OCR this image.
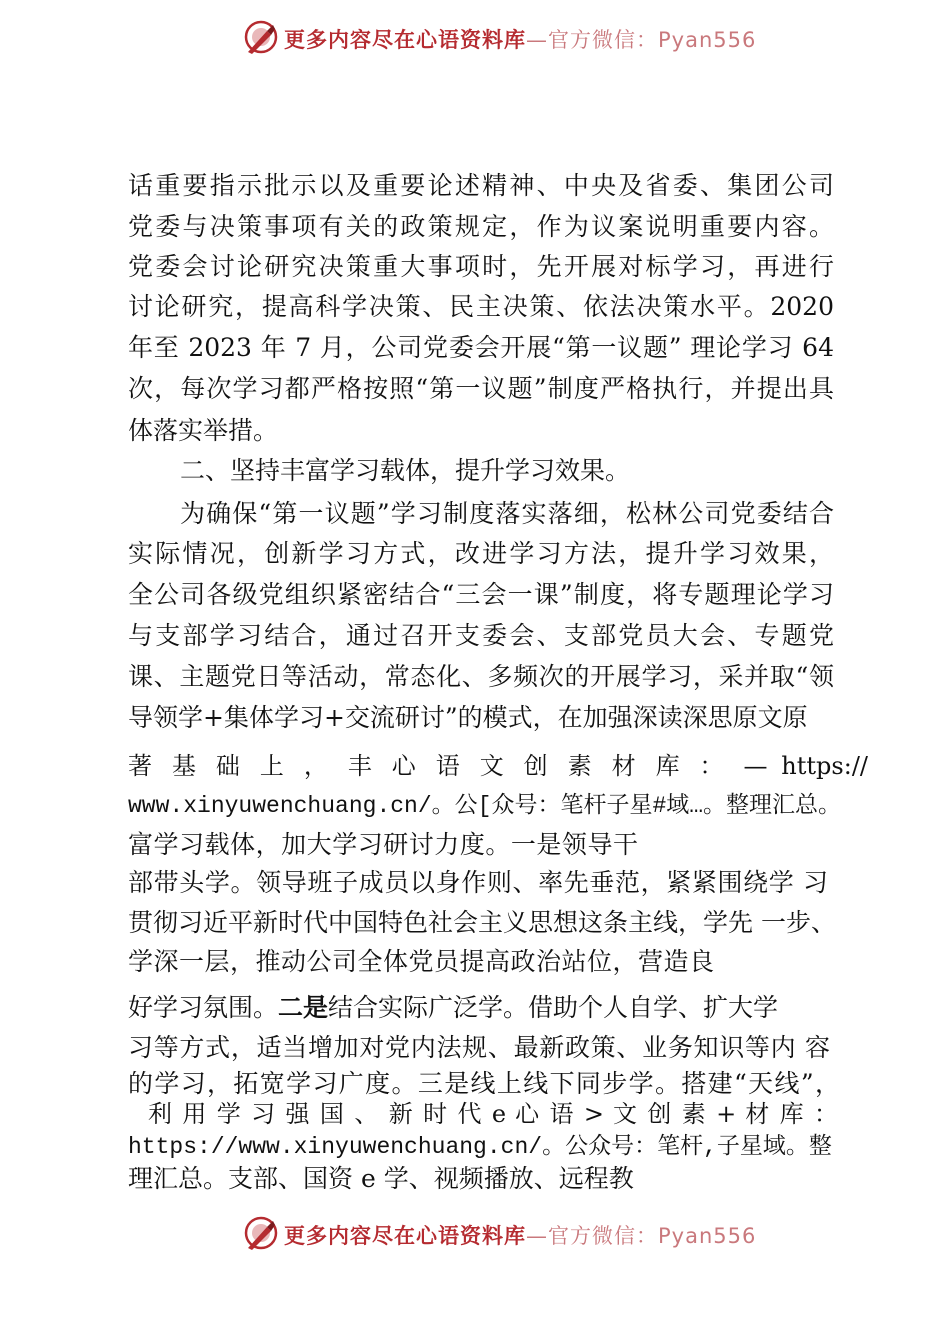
更多内容尽在心语资料库—官方微信：Pyan556
话重要指示批示以及重要论述精神、中央及省委、集团公司
党委与决策事项有关的政策规定，作为议案说明重要内容。
党委会讨论研究决策重大事项时，先开展对标学习，再进行
讨论研究，提高科学决策、民主决策、依法决策水平。2020
年至 2023 年 7 月，公司党委会开展“第一议题” 理论学习 64
次，每次学习都严格按照“第一议题”制度严格执行，并提出具
体落实举措。
二、坚持丰富学习载体，提升学习效果。
为确保“第一议题”学习制度落实落细，松林公司党委结合
实际情况，创新学习方式，改进学习方法，提升学习效果，
全公司各级党组织紧密结合“三会一课”制度，将专题理论学习
与支部学习结合，通过召开支委会、支部党员大会、专题党
课、主题党日等活动，常态化、多频次的开展学习，采并取“领
导领学+集体学习+交流研讨”的模式，在加强深读深思原文原
著 基 础 上 ， 丰 心 语 文 创 素 材 库 ： — https://
www.xinyuwenchuang.cn/。公[众号：笔杆子星#域…。整理汇总。
富学习载体，加大学习研讨力度。一是领导干
部带头学。领导班子成员以身作则、率先垂范，紧紧围绕学 习
贯彻习近平新时代中国特色社会主义思想这条主线，学先 一步、
学深一层，推动公司全体党员提高政治站位，营造良
好学习氛围。二是结合实际广泛学。借助个人自学、扩大学
习等方式，适当增加对党内法规、最新政策、业务知识等内 容
的学习，拓宽学习广度。三是线上线下同步学。搭建“天线”，
利 用 学 习 强 国 、 新 时 代 e 心 语 > 文 创 素 + 材 库 ：
https://www.xinyuwenchuang.cn/。公众号：笔杆,子星域。整
理汇总。支部、国资 e 学、视频播放、远程教
更多内容尽在心语资料库—官方微信：Pyan556
